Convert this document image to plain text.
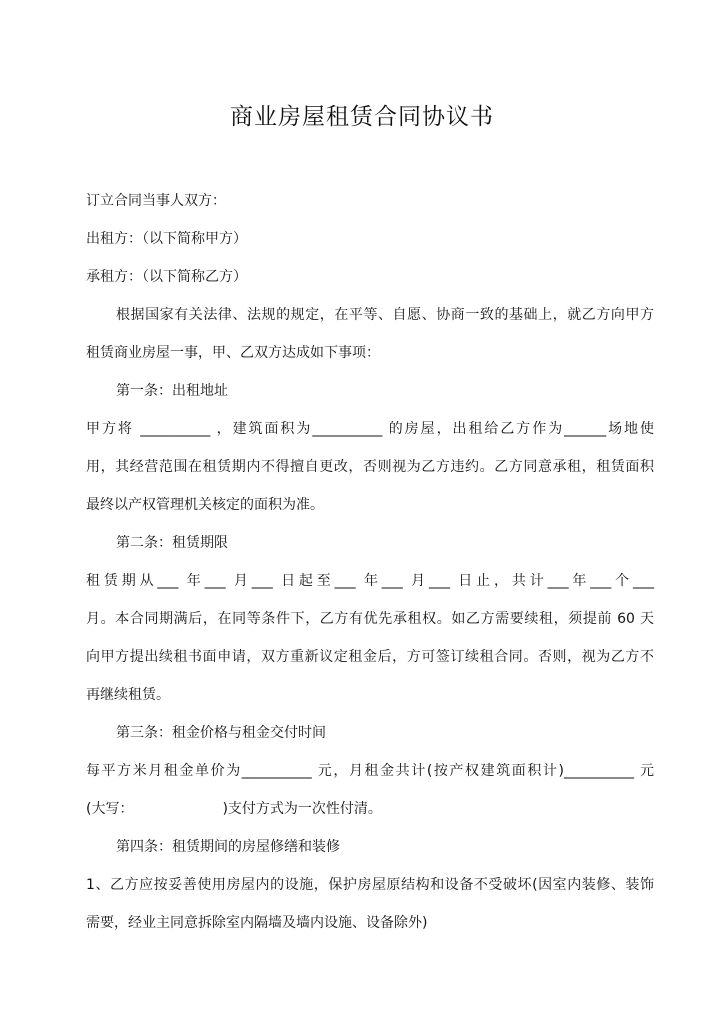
商业房屋租赁合同协议书
订立合同当事人双方：
出租方：（以下简称甲方）
承租方：（以下简称乙方）
根据国家有关法律、法规的规定，在平等、自愿、协商一致的基础上，就乙方向甲方
租赁商业房屋一事，甲、乙双方达成如下事项：
第一条：出租地址
甲方将 __________ ，建筑面积为__________ 的房屋，出租给乙方作为______场地使
用，其经营范围在租赁期内不得擅自更改，否则视为乙方违约。乙方同意承租，租赁面积
最终以产权管理机关核定的面积为准。
第二条：租赁期限
租赁期从___ 年___ 月___ 日起至___ 年___ 月___ 日止，共计___年___个___
月。本合同期满后，在同等条件下，乙方有优先承租权。如乙方需要续租，须提前 60 天
向甲方提出续租书面申请，双方重新议定租金后，方可签订续租合同。否则，视为乙方不
再继续租赁。
第三条：租金价格与租金交付时间
每平方米月租金单价为__________ 元，月租金共计(按产权建筑面积计)__________ 元
(大写：                    )支付方式为一次性付清。
第四条：租赁期间的房屋修缮和装修
1、乙方应按妥善使用房屋内的设施，保护房屋原结构和设备不受破坏(因室内装修、装饰
需要，经业主同意拆除室内隔墙及墙内设施、设备除外)
